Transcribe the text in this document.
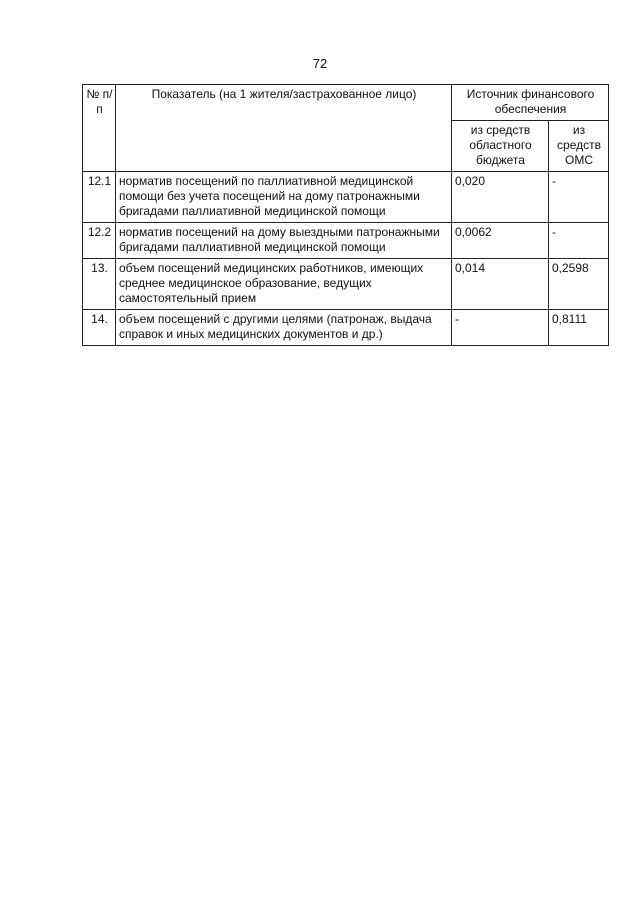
72
№ п/п	Показатель (на 1 жителя/застрахованное лицо)	Источник финансового обеспечения	
		из средств областного бюджета	из средств ОМС
12.1	норматив посещений по паллиативной медицинской помощи без учета посещений на дому патронажными бригадами паллиативной медицинской помощи	0,020	-
12.2	норматив посещений на дому выездными патронажными бригадами паллиативной медицинской помощи	0,0062	-
13.	объем посещений медицинских работников, имеющих среднее медицинское образование, ведущих самостоятельный прием	0,014	0,2598
14.	объем посещений с другими целями (патронаж, выдача справок и иных медицинских документов и др.)	-	0,8111
